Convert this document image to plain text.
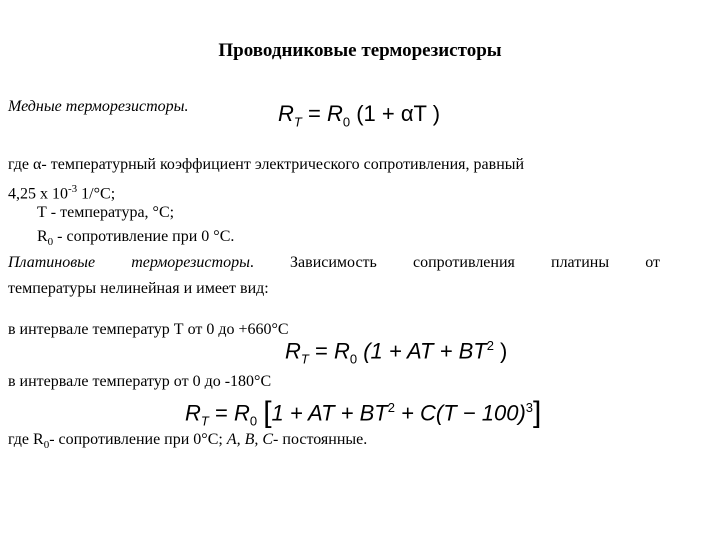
Проводниковые терморезисторы
Медные терморезисторы.	$R_T = R_0$ (1 + αT )
где α- температурный коэффициент электрического сопротивления, равный
4,25 х $10^{-3}$ 1/°С;
Т - температура, °С;
$R_0$ - сопротивление при 0 °С.
Платиновые терморезисторы. Зависимость сопротивления платины от
температуры нелинейная и имеет вид:
в интервале температур Т от 0 до +660°С
$R_T = R_0$ (1 + AT + $BT^2$ )
в интервале температур от 0 до -180°С
$R_T = R_0$ [1 + AT + $BT^2 + C(T - 100)^3$]
где $R_0-$ сопротивление при 0°С; А, В, С- постоянные.
